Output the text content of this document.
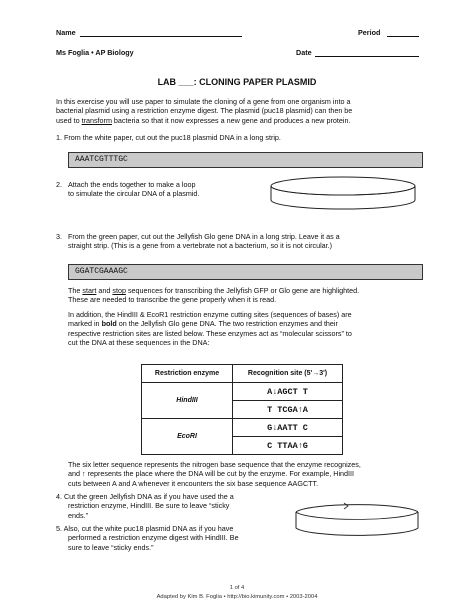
Name	Period
Ms Foglia • AP Biology	Date
LAB ___: CLONING PAPER PLASMID
In this exercise you will use paper to simulate the cloning of a gene from one organism into a
bacterial plasmid using a restriction enzyme digest. The plasmid (puc18 plasmid) can then be
used to transform bacteria so that it now expresses a new gene and produces a new protein.
1. From the white paper, cut out the puc18 plasmid DNA in a long strip.
AAATCGTTTGC
2. Attach the ends together to make a loop
to simulate the circular DNA of a plasmid.
3. From the green paper, cut out the Jellyfish Glo gene DNA in a long strip. Leave it as a
straight strip. (This is a gene from a vertebrate not a bacterium, so it is not circular.)
GGATCGAAAGC
The start and stop sequences for transcribing the Jellyfish GFP or Glo gene are highlighted.
These are needed to transcribe the gene properly when it is read.
In addition, the HindIII & EcoR1 restriction enzyme cutting sites (sequences of bases) are
marked in bold on the Jellyfish Glo gene DNA. The two restriction enzymes and their
respective restriction sites are listed below. These enzymes act as “molecular scissors” to
cut the DNA at these sequences in the DNA:
Restriction enzyme	Recognition site (5'→3')
HindIII	A↓AGCT T
	T TCGA↑A
EcoRI	G↓AATT C
	C TTAA↑G
The six letter sequence represents the nitrogen base sequence that the enzyme recognizes,
and ↑ represents the place where the DNA will be cut by the enzyme. For example, HindIII
cuts between A and A whenever it encounters the six base sequence AAGCTT.
4. Cut the green Jellyfish DNA as if you have used the a
restriction enzyme, HindIII. Be sure to leave “sticky
ends.”
5. Also, cut the white puc18 plasmid DNA as if you have
performed a restriction enzyme digest with HindIII. Be
sure to leave “sticky ends.”
1 of 4
Adapted by Kim B. Foglia • http://bio.kimunity.com • 2003-2004
